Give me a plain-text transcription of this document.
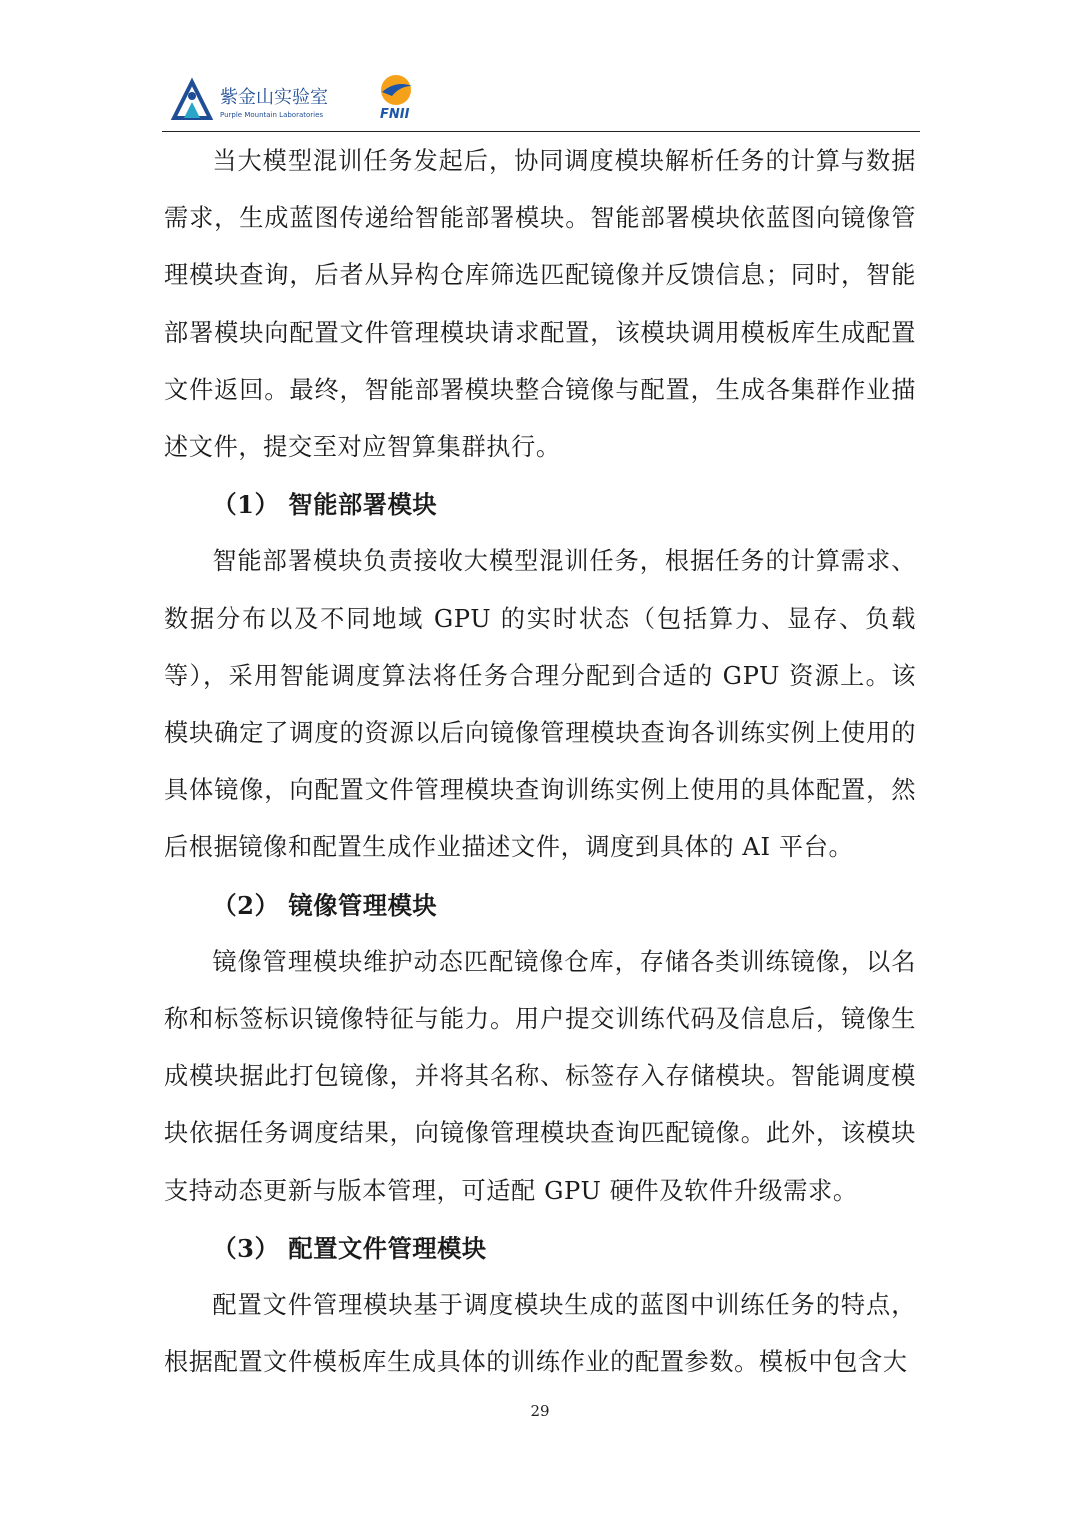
紫金山实验室
Purple Mountain Laboratories	FNII

当大模型混训任务发起后，协同调度模块解析任务的计算与数据需求，生成蓝图传递给智能部署模块。智能部署模块依蓝图向镜像管理模块查询，后者从异构仓库筛选匹配镜像并反馈信息；同时，智能部署模块向配置文件管理模块请求配置，该模块调用模板库生成配置文件返回。最终，智能部署模块整合镜像与配置，生成各集群作业描述文件，提交至对应智算集群执行。

（1） 智能部署模块

智能部署模块负责接收大模型混训任务，根据任务的计算需求、数据分布以及不同地域 GPU 的实时状态（包括算力、显存、负载等），采用智能调度算法将任务合理分配到合适的 GPU 资源上。该模块确定了调度的资源以后向镜像管理模块查询各训练实例上使用的具体镜像，向配置文件管理模块查询训练实例上使用的具体配置，然后根据镜像和配置生成作业描述文件，调度到具体的 AI 平台。

（2） 镜像管理模块

镜像管理模块维护动态匹配镜像仓库，存储各类训练镜像，以名称和标签标识镜像特征与能力。用户提交训练代码及信息后，镜像生成模块据此打包镜像，并将其名称、标签存入存储模块。智能调度模块依据任务调度结果，向镜像管理模块查询匹配镜像。此外，该模块支持动态更新与版本管理，可适配 GPU 硬件及软件升级需求。

（3） 配置文件管理模块

配置文件管理模块基于调度模块生成的蓝图中训练任务的特点，根据配置文件模板库生成具体的训练作业的配置参数。模板中包含大

29
